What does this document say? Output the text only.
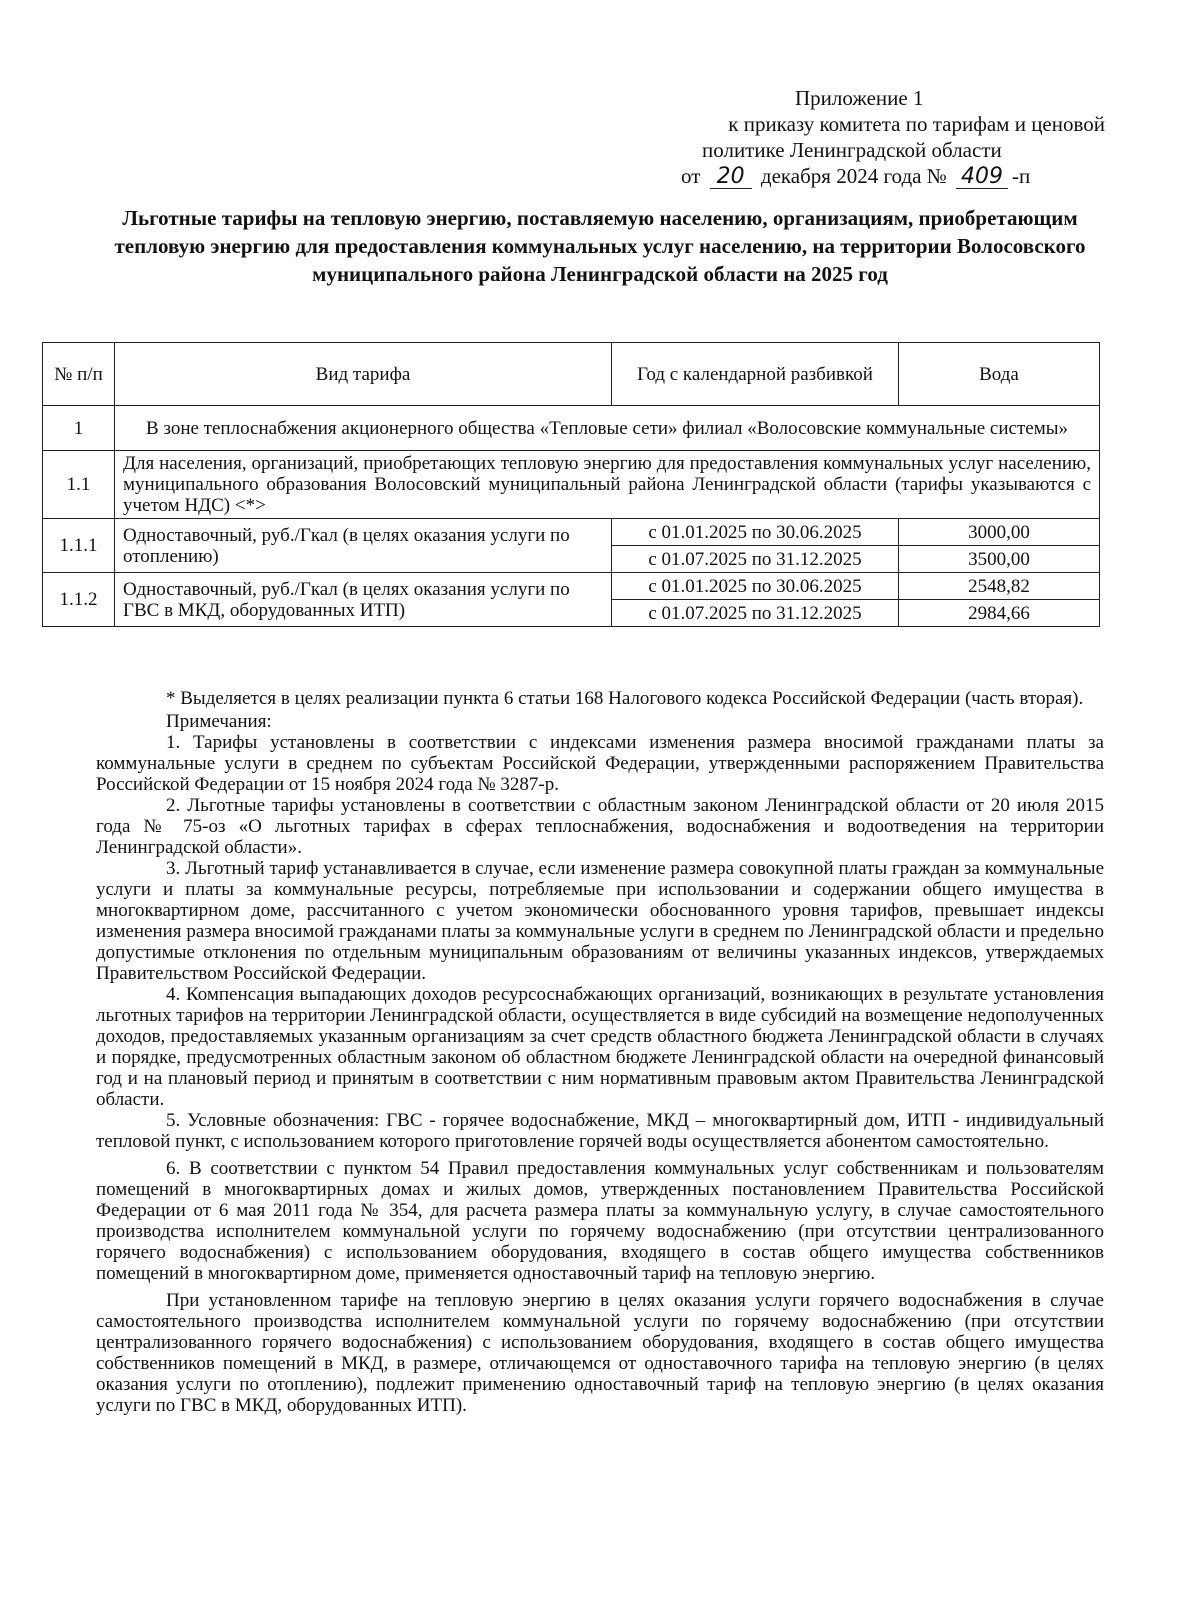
Приложение 1
к приказу комитета по тарифам и ценовой
политике Ленинградской области
от 20 декабря 2024 года № 409 -п
Льготные тарифы на тепловую энергию, поставляемую населению, организациям, приобретающим тепловую энергию для предоставления коммунальных услуг населению, на территории Волосовского муниципального района Ленинградской области на 2025 год
№ п/п	Вид тарифа	Год с календарной разбивкой	Вода
1	В зоне теплоснабжения акционерного общества «Тепловые сети» филиал «Волосовские коммунальные системы»		
1.1	Для населения, организаций, приобретающих тепловую энергию для предоставления коммунальных услуг населению, муниципального образования Волосовский муниципальный района Ленинградской области (тарифы указываются с учетом НДС) <*>		
1.1.1	Одноставочный, руб./Гкал (в целях оказания услуги по отоплению)	с 01.01.2025 по 30.06.2025	3000,00
		с 01.07.2025 по 31.12.2025	3500,00
1.1.2	Одноставочный, руб./Гкал (в целях оказания услуги по ГВС в МКД, оборудованных ИТП)	с 01.01.2025 по 30.06.2025	2548,82
		с 01.07.2025 по 31.12.2025	2984,66

* Выделяется в целях реализации пункта 6 статьи 168 Налогового кодекса Российской Федерации (часть вторая).

Примечания:

1. Тарифы установлены в соответствии с индексами изменения размера вносимой гражданами платы за коммунальные услуги в среднем по субъектам Российской Федерации, утвержденными распоряжением Правительства Российской Федерации от 15 ноября 2024 года № 3287-р.

2. Льготные тарифы установлены в соответствии с областным законом Ленинградской области от 20 июля 2015 года № 75-оз «О льготных тарифах в сферах теплоснабжения, водоснабжения и водоотведения на территории Ленинградской области».

3. Льготный тариф устанавливается в случае, если изменение размера совокупной платы граждан за коммунальные услуги и платы за коммунальные ресурсы, потребляемые при использовании и содержании общего имущества в многоквартирном доме, рассчитанного с учетом экономически обоснованного уровня тарифов, превышает индексы изменения размера вносимой гражданами платы за коммунальные услуги в среднем по Ленинградской области и предельно допустимые отклонения по отдельным муниципальным образованиям от величины указанных индексов, утверждаемых Правительством Российской Федерации.

4. Компенсация выпадающих доходов ресурсоснабжающих организаций, возникающих в результате установления льготных тарифов на территории Ленинградской области, осуществляется в виде субсидий на возмещение недополученных доходов, предоставляемых указанным организациям за счет средств областного бюджета Ленинградской области в случаях и порядке, предусмотренных областным законом об областном бюджете Ленинградской области на очередной финансовый год и на плановый период и принятым в соответствии с ним нормативным правовым актом Правительства Ленинградской области.

5. Условные обозначения: ГВС - горячее водоснабжение, МКД – многоквартирный дом, ИТП - индивидуальный тепловой пункт, с использованием которого приготовление горячей воды осуществляется абонентом самостоятельно.

6. В соответствии с пунктом 54 Правил предоставления коммунальных услуг собственникам и пользователям помещений в многоквартирных домах и жилых домов, утвержденных постановлением Правительства Российской Федерации от 6 мая 2011 года № 354, для расчета размера платы за коммунальную услугу, в случае самостоятельного производства исполнителем коммунальной услуги по горячему водоснабжению (при отсутствии централизованного горячего водоснабжения) с использованием оборудования, входящего в состав общего имущества собственников помещений в многоквартирном доме, применяется одноставочный тариф на тепловую энергию.

При установленном тарифе на тепловую энергию в целях оказания услуги горячего водоснабжения в случае самостоятельного производства исполнителем коммунальной услуги по горячему водоснабжению (при отсутствии централизованного горячего водоснабжения) с использованием оборудования, входящего в состав общего имущества собственников помещений в МКД, в размере, отличающемся от одноставочного тарифа на тепловую энергию (в целях оказания услуги по отоплению), подлежит применению одноставочный тариф на тепловую энергию (в целях оказания услуги по ГВС в МКД, оборудованных ИТП).
